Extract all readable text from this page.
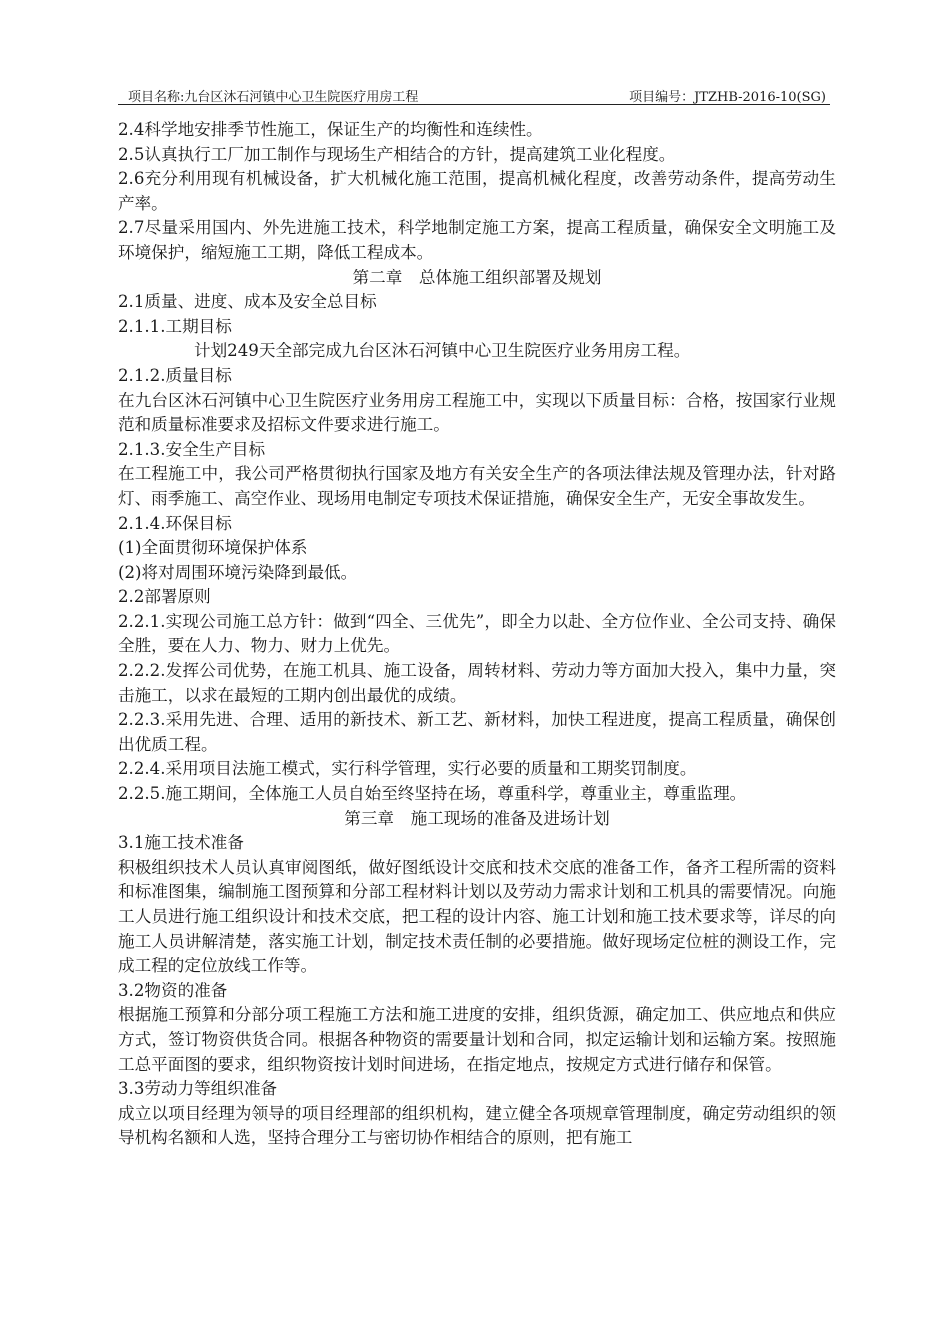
项目名称:九台区沐石河镇中心卫生院医疗用房工程	项目编号：JTZHB-2016-10(SG)

2.4科学地安排季节性施工，保证生产的均衡性和连续性。

2.5认真执行工厂加工制作与现场生产相结合的方针，提高建筑工业化程度。

2.6充分利用现有机械设备，扩大机械化施工范围，提高机械化程度，改善劳动条件，提高劳动生产率。

2.7尽量采用国内、外先进施工技术，科学地制定施工方案，提高工程质量，确保安全文明施工及环境保护，缩短施工工期，降低工程成本。

第二章　总体施工组织部署及规划

2.1质量、进度、成本及安全总目标

2.1.1.工期目标

计划249天全部完成九台区沐石河镇中心卫生院医疗业务用房工程。

2.1.2.质量目标

在九台区沐石河镇中心卫生院医疗业务用房工程施工中，实现以下质量目标：合格，按国家行业规范和质量标准要求及招标文件要求进行施工。

2.1.3.安全生产目标

在工程施工中，我公司严格贯彻执行国家及地方有关安全生产的各项法律法规及管理办法，针对路灯、雨季施工、高空作业、现场用电制定专项技术保证措施，确保安全生产，无安全事故发生。

2.1.4.环保目标

(1)全面贯彻环境保护体系

(2)将对周围环境污染降到最低。

2.2部署原则

2.2.1.实现公司施工总方针：做到“四全、三优先”，即全力以赴、全方位作业、全公司支持、确保全胜，要在人力、物力、财力上优先。

2.2.2.发挥公司优势，在施工机具、施工设备，周转材料、劳动力等方面加大投入，集中力量，突击施工，以求在最短的工期内创出最优的成绩。

2.2.3.采用先进、合理、适用的新技术、新工艺、新材料，加快工程进度，提高工程质量，确保创出优质工程。

2.2.4.采用项目法施工模式，实行科学管理，实行必要的质量和工期奖罚制度。

2.2.5.施工期间，全体施工人员自始至终坚持在场，尊重科学，尊重业主，尊重监理。

第三章　施工现场的准备及进场计划

3.1施工技术准备

积极组织技术人员认真审阅图纸，做好图纸设计交底和技术交底的准备工作，备齐工程所需的资料和标准图集，编制施工图预算和分部工程材料计划以及劳动力需求计划和工机具的需要情况。向施工人员进行施工组织设计和技术交底，把工程的设计内容、施工计划和施工技术要求等，详尽的向施工人员讲解清楚，落实施工计划，制定技术责任制的必要措施。做好现场定位桩的测设工作，完成工程的定位放线工作等。

3.2物资的准备

根据施工预算和分部分项工程施工方法和施工进度的安排，组织货源，确定加工、供应地点和供应方式，签订物资供货合同。根据各种物资的需要量计划和合同，拟定运输计划和运输方案。按照施工总平面图的要求，组织物资按计划时间进场，在指定地点，按规定方式进行储存和保管。

3.3劳动力等组织准备

成立以项目经理为领导的项目经理部的组织机构，建立健全各项规章管理制度，确定劳动组织的领导机构名额和人选，坚持合理分工与密切协作相结合的原则，把有施工
